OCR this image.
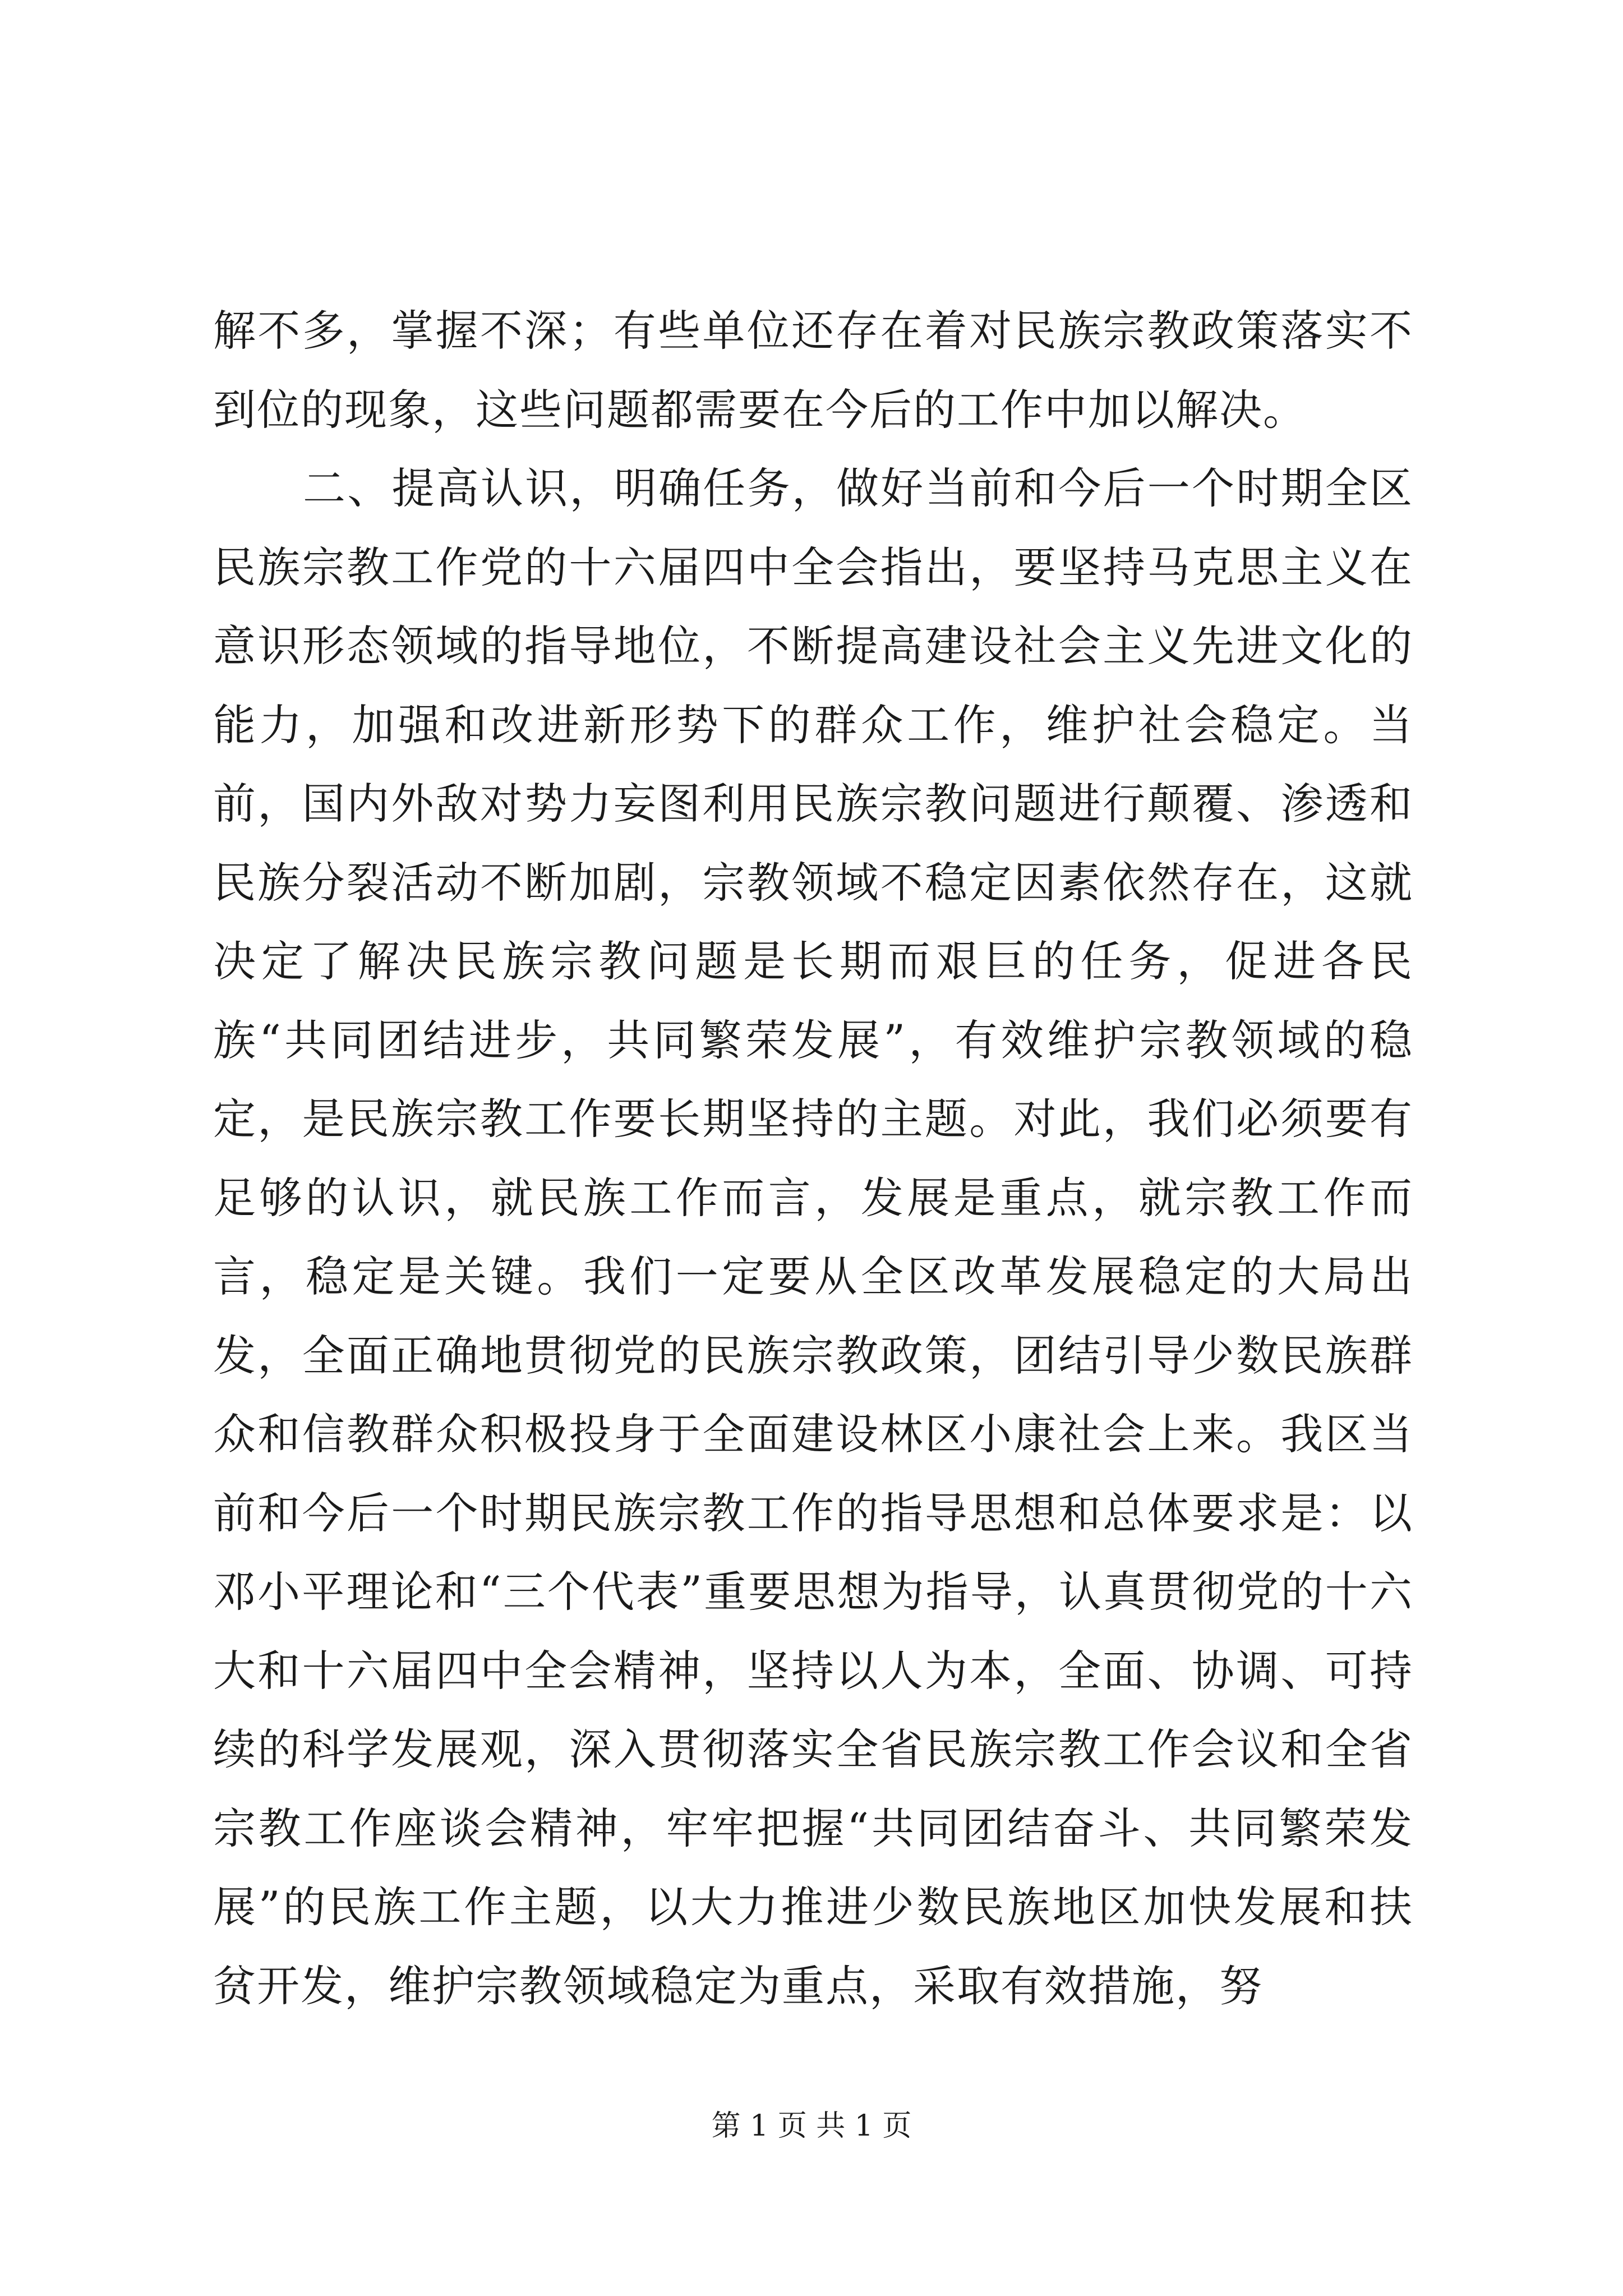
解不多，掌握不深；有些单位还存在着对民族宗教政策落实不到位的现象，这些问题都需要在今后的工作中加以解决。

二、提高认识，明确任务，做好当前和今后一个时期全区民族宗教工作党的十六届四中全会指出，要坚持马克思主义在意识形态领域的指导地位，不断提高建设社会主义先进文化的能力，加强和改进新形势下的群众工作，维护社会稳定。当前，国内外敌对势力妄图利用民族宗教问题进行颠覆、渗透和民族分裂活动不断加剧，宗教领域不稳定因素依然存在，这就决定了解决民族宗教问题是长期而艰巨的任务，促进各民族“共同团结进步，共同繁荣发展”，有效维护宗教领域的稳定，是民族宗教工作要长期坚持的主题。对此，我们必须要有足够的认识，就民族工作而言，发展是重点，就宗教工作而言，稳定是关键。我们一定要从全区改革发展稳定的大局出发，全面正确地贯彻党的民族宗教政策，团结引导少数民族群众和信教群众积极投身于全面建设林区小康社会上来。我区当前和今后一个时期民族宗教工作的指导思想和总体要求是：以邓小平理论和“三个代表”重要思想为指导，认真贯彻党的十六大和十六届四中全会精神，坚持以人为本，全面、协调、可持续的科学发展观，深入贯彻落实全省民族宗教工作会议和全省宗教工作座谈会精神，牢牢把握“共同团结奋斗、共同繁荣发展”的民族工作主题，以大力推进少数民族地区加快发展和扶贫开发，维护宗教领域稳定为重点，采取有效措施，努

第 1 页 共 1 页
